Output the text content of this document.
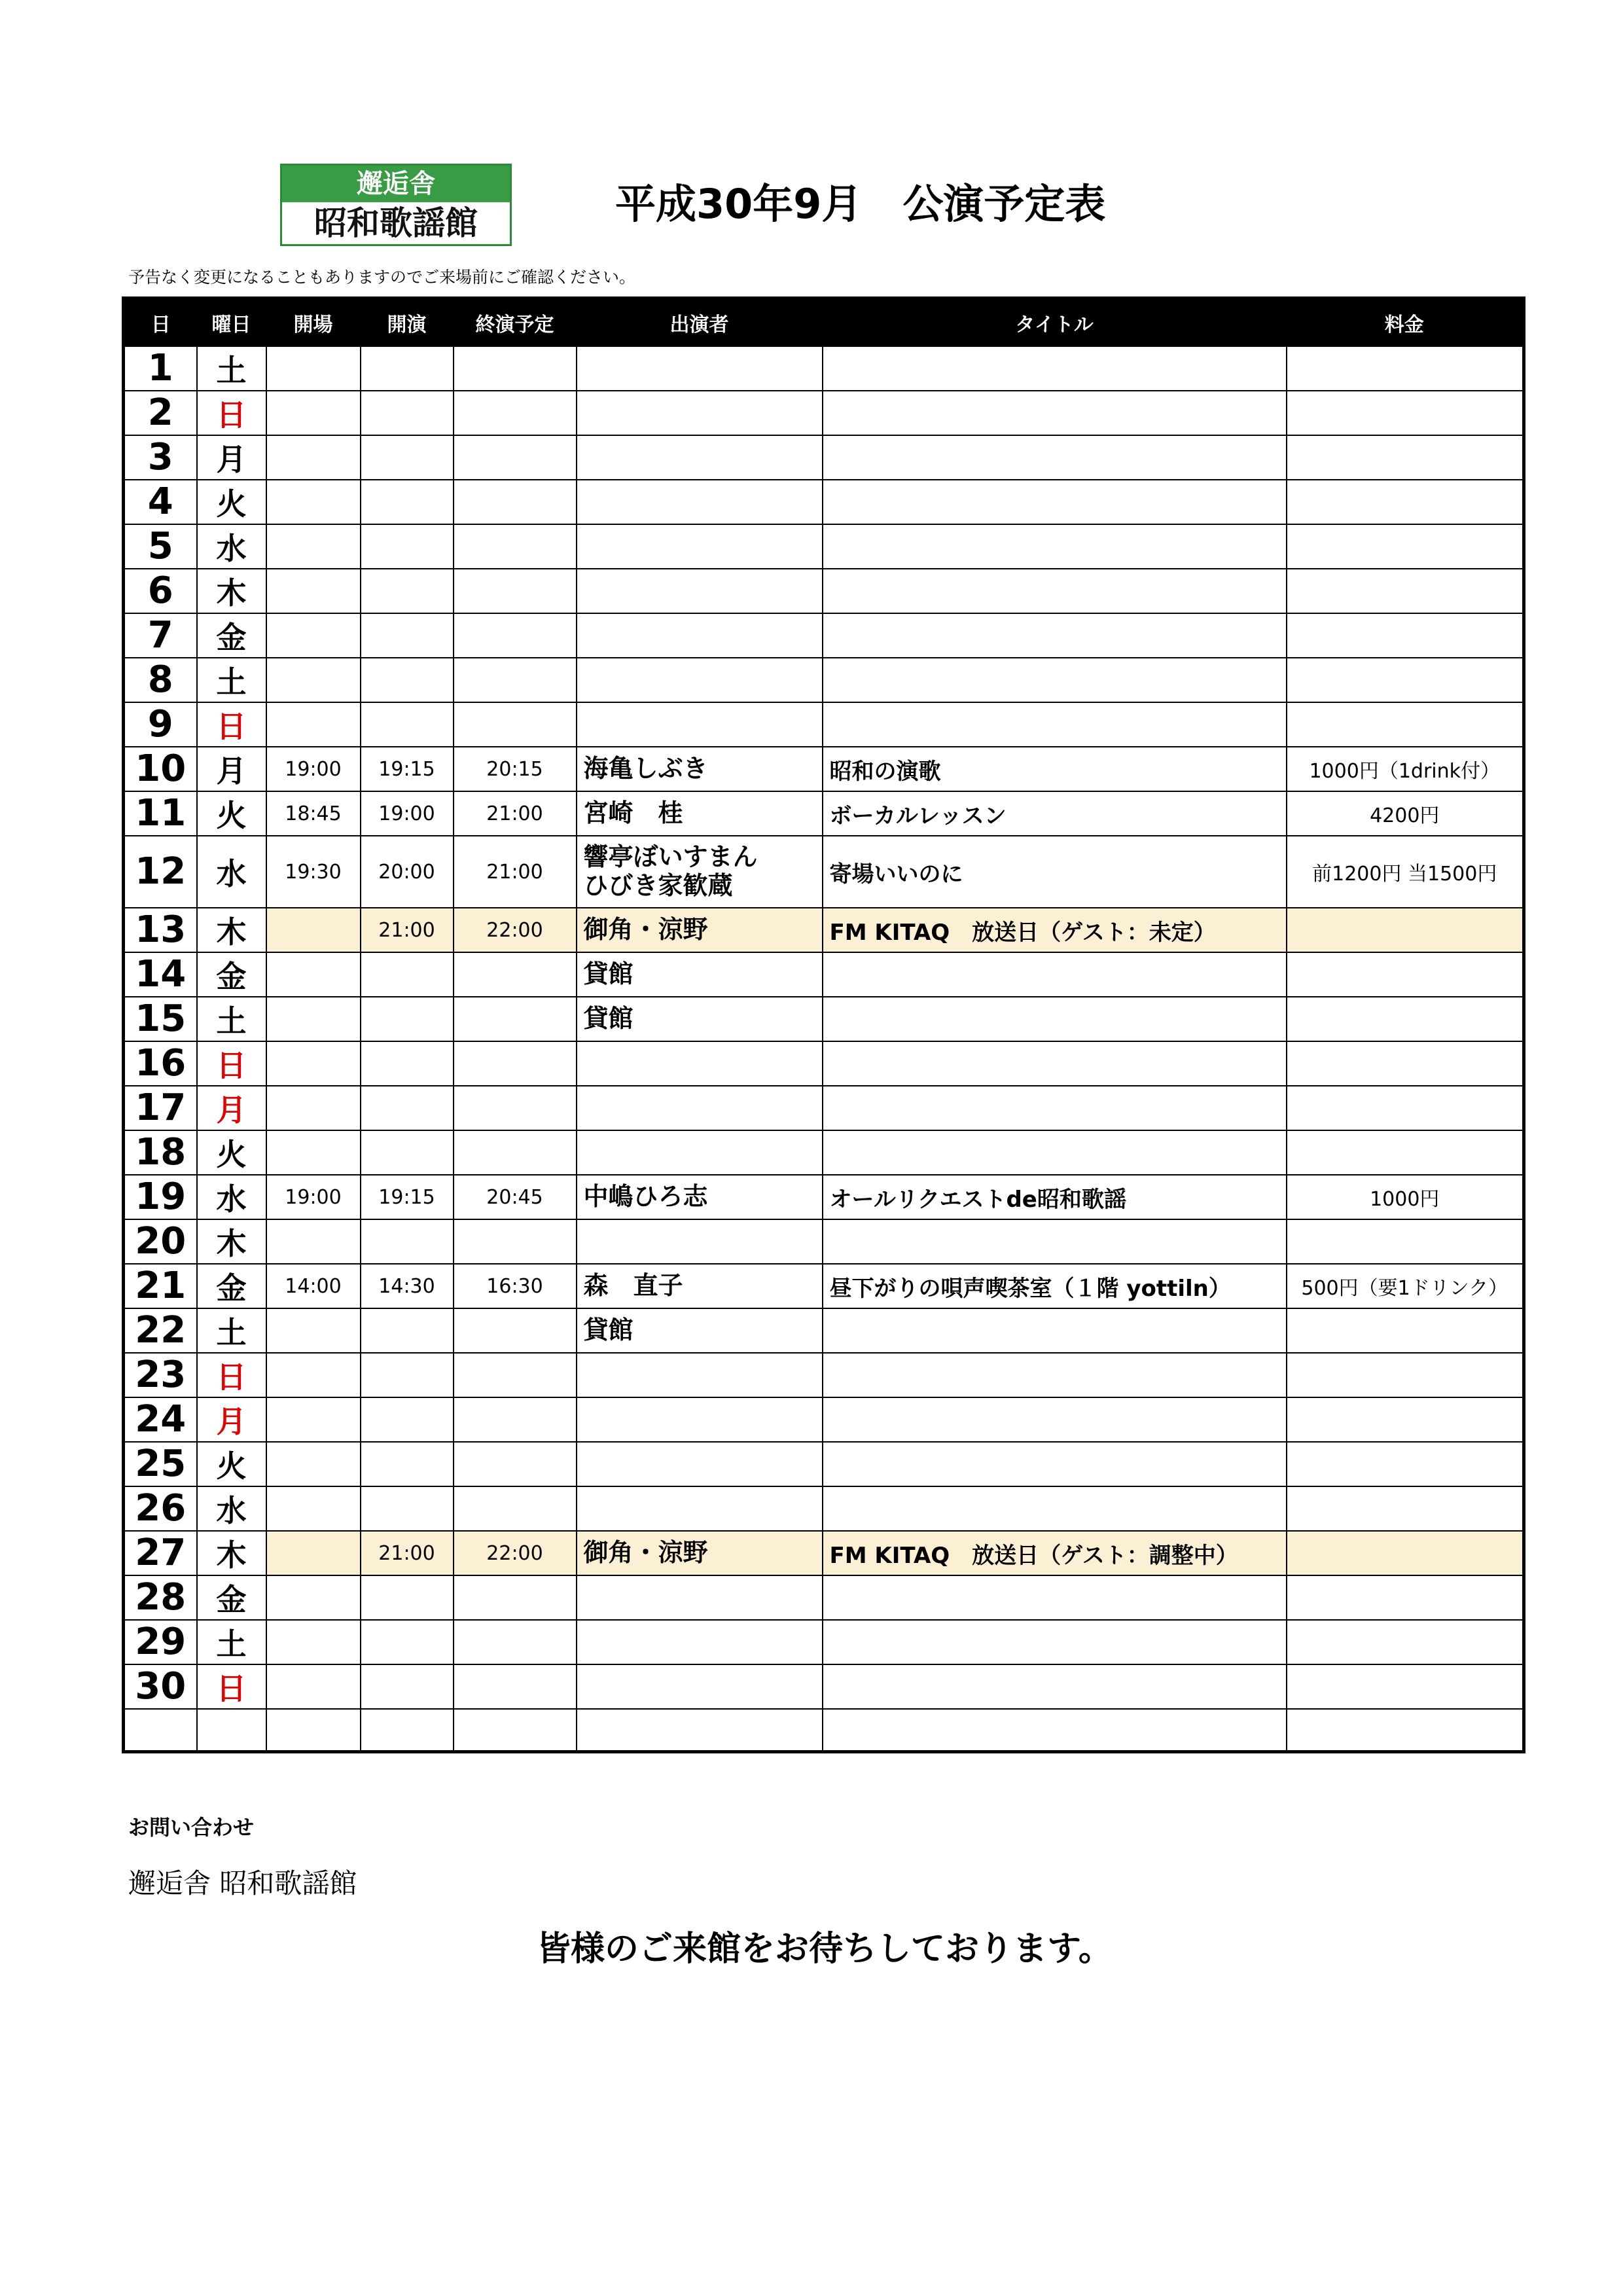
邂逅舎
昭和歌謡館	平成30年9月　公演予定表
予告なく変更になることもありますのでご来場前にご確認ください。
日	曜日	開場	開演	終演予定	出演者	タイトル	料金
1	土						
2	日						
3	月						
4	火						
5	水						
6	木						
7	金						
8	土						
9	日						
10	月	19:00	19:15	20:15	海亀しぶき	昭和の演歌	1000円（1drink付）
11	火	18:45	19:00	21:00	宮崎　桂	ボーカルレッスン	4200円
12	水	19:30	20:00	21:00	響亭ぼいすまん
ひびき家歓蔵	寄場いいのに	前1200円 当1500円
13	木		21:00	22:00	御角・涼野	FM KITAQ　放送日（ゲスト：未定）	
14	金				貸館		
15	土				貸館		
16	日						
17	月						
18	火						
19	水	19:00	19:15	20:45	中嶋ひろ志	オールリクエストde昭和歌謡	1000円
20	木						
21	金	14:00	14:30	16:30	森　直子	昼下がりの唄声喫茶室（１階 yottiln）	500円（要1ドリンク）
22	土				貸館		
23	日						
24	月						
25	火						
26	水						
27	木		21:00	22:00	御角・涼野	FM KITAQ　放送日（ゲスト：調整中）	
28	金						
29	土						
30	日						

お問い合わせ
邂逅舎 昭和歌謡館
皆様のご来館をお待ちしております。
